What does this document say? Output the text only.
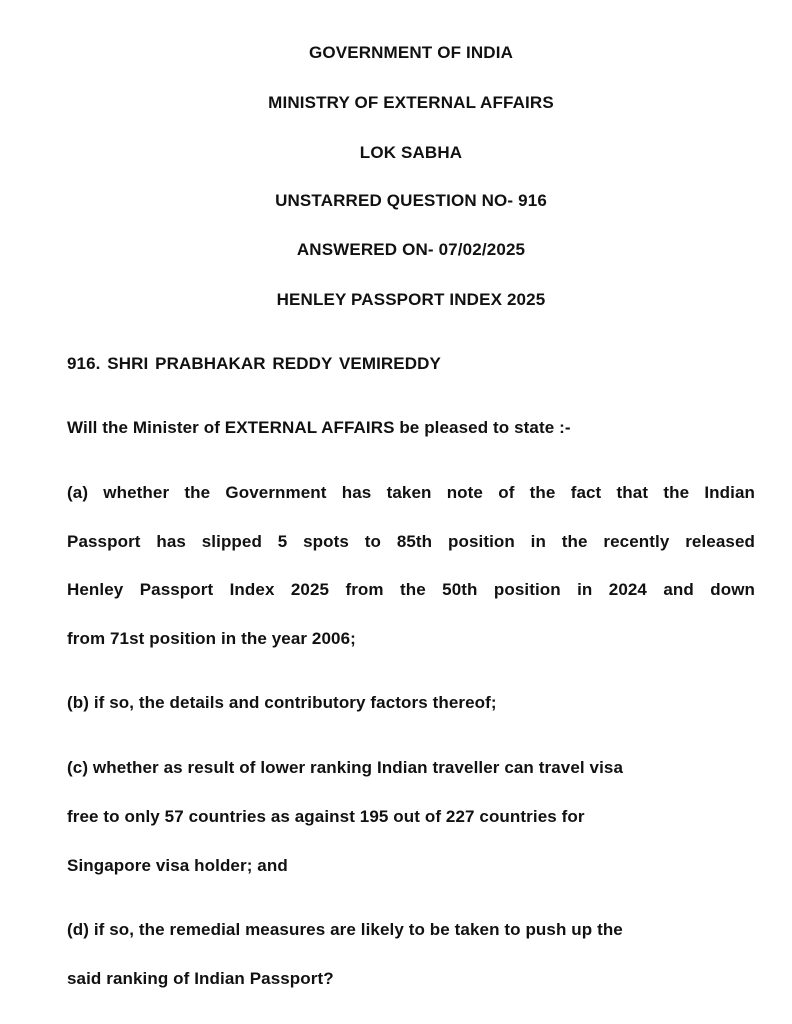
GOVERNMENT OF INDIA
MINISTRY OF EXTERNAL AFFAIRS
LOK SABHA
UNSTARRED QUESTION NO- 916
ANSWERED ON- 07/02/2025
HENLEY PASSPORT INDEX 2025
916. SHRI PRABHAKAR REDDY VEMIREDDY
Will the Minister of EXTERNAL AFFAIRS be pleased to state :-
(a) whether the Government has taken note of the fact that the Indian
Passport has slipped 5 spots to 85th position in the recently released
Henley Passport Index 2025 from the 50th position in 2024 and down
from 71st position in the year 2006;
(b) if so, the details and contributory factors thereof;
(c) whether as result of lower ranking Indian traveller can travel visa
free to only 57 countries as against 195 out of 227 countries for
Singapore visa holder; and
(d) if so, the remedial measures are likely to be taken to push up the
said ranking of Indian Passport?
